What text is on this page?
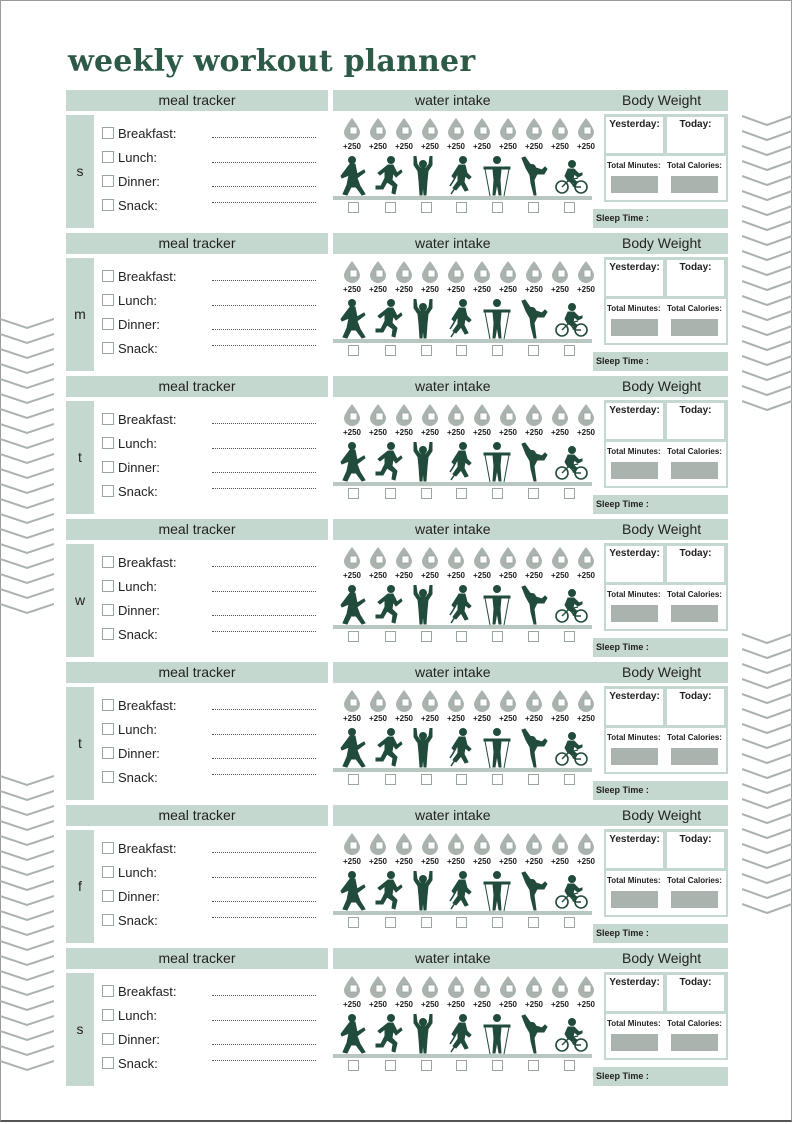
weekly workout planner
meal tracker	water intake	Body Weight
s
Breakfast:
Lunch:
Dinner:
Snack:
+250 +250 +250 +250 +250 +250 +250 +250 +250 +250
Yesterday:	Today:
Total Minutes: Total Calories:
Sleep Time :
meal tracker	water intake	Body Weight
m
Breakfast:
Lunch:
Dinner:
Snack:
+250 +250 +250 +250 +250 +250 +250 +250 +250 +250
Yesterday:	Today:
Total Minutes: Total Calories:
Sleep Time :
meal tracker	water intake	Body Weight
t
Breakfast:
Lunch:
Dinner:
Snack:
+250 +250 +250 +250 +250 +250 +250 +250 +250 +250
Yesterday:	Today:
Total Minutes: Total Calories:
Sleep Time :
meal tracker	water intake	Body Weight
w
Breakfast:
Lunch:
Dinner:
Snack:
+250 +250 +250 +250 +250 +250 +250 +250 +250 +250
Yesterday:	Today:
Total Minutes: Total Calories:
Sleep Time :
meal tracker	water intake	Body Weight
t
Breakfast:
Lunch:
Dinner:
Snack:
+250 +250 +250 +250 +250 +250 +250 +250 +250 +250
Yesterday:	Today:
Total Minutes: Total Calories:
Sleep Time :
meal tracker	water intake	Body Weight
f
Breakfast:
Lunch:
Dinner:
Snack:
+250 +250 +250 +250 +250 +250 +250 +250 +250 +250
Yesterday:	Today:
Total Minutes: Total Calories:
Sleep Time :
meal tracker	water intake	Body Weight
s
Breakfast:
Lunch:
Dinner:
Snack:
+250 +250 +250 +250 +250 +250 +250 +250 +250 +250
Yesterday:	Today:
Total Minutes: Total Calories:
Sleep Time :
